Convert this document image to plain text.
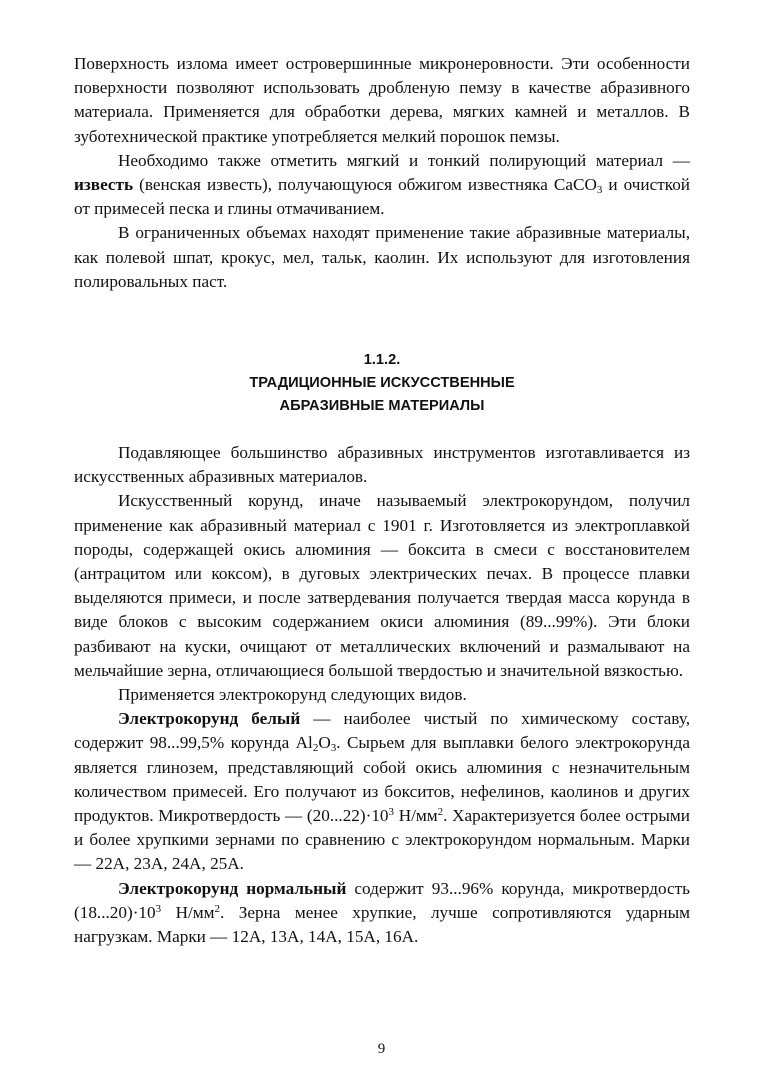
Поверхность излома имеет островершинные микронеровности. Эти особенности поверхности позволяют использовать дробленую пемзу в качестве абразивного материала. Применяется для обработки дерева, мягких камней и металлов. В зуботехнической практике употребляется мелкий порошок пемзы.

Необходимо также отметить мягкий и тонкий полирующий материал — известь (венская известь), получающуюся обжигом известняка CaCO$_3$ и очисткой от примесей песка и глины отмачиванием.

В ограниченных объемах находят применение такие абразивные материалы, как полевой шпат, крокус, мел, тальк, каолин. Их используют для изготовления полировальных паст.

1.1.2.
ТРАДИЦИОННЫЕ ИСКУССТВЕННЫЕ
АБРАЗИВНЫЕ МАТЕРИАЛЫ

Подавляющее большинство абразивных инструментов изготавливается из искусственных абразивных материалов.

Искусственный корунд, иначе называемый электрокорундом, получил применение как абразивный материал с 1901 г. Изготовляется из электроплавкой породы, содержащей окись алюминия — боксита в смеси с восстановителем (антрацитом или коксом), в дуговых электрических печах. В процессе плавки выделяются примеси, и после затвердевания получается твердая масса корунда в виде блоков с высоким содержанием окиси алюминия (89...99%). Эти блоки разбивают на куски, очищают от металлических включений и размалывают на мельчайшие зерна, отличающиеся большой твердостью и значительной вязкостью.

Применяется электрокорунд следующих видов.

Электрокорунд белый — наиболее чистый по химическому составу, содержит 98...99,5% корунда $Al_2O_3$. Сырьем для выплавки белого электрокорунда является глинозем, представляющий собой окись алюминия с незначительным количеством примесей. Его получают из бокситов, нефелинов, каолинов и других продуктов. Микротвердость — $(20...22)\cdot 10^3$ $Н/мм^2$. Характеризуется более острыми и более хрупкими зернами по сравнению с электрокорундом нормальным. Марки — 22А, 23А, 24А, 25А.

Электрокорунд нормальный содержит 93...96% корунда, микротвердость $(18...20)\cdot 10^3$ $Н/мм^2$. Зерна менее хрупкие, лучше сопротивляются ударным нагрузкам. Марки — 12А, 13А, 14А, 15А, 16А.

9
